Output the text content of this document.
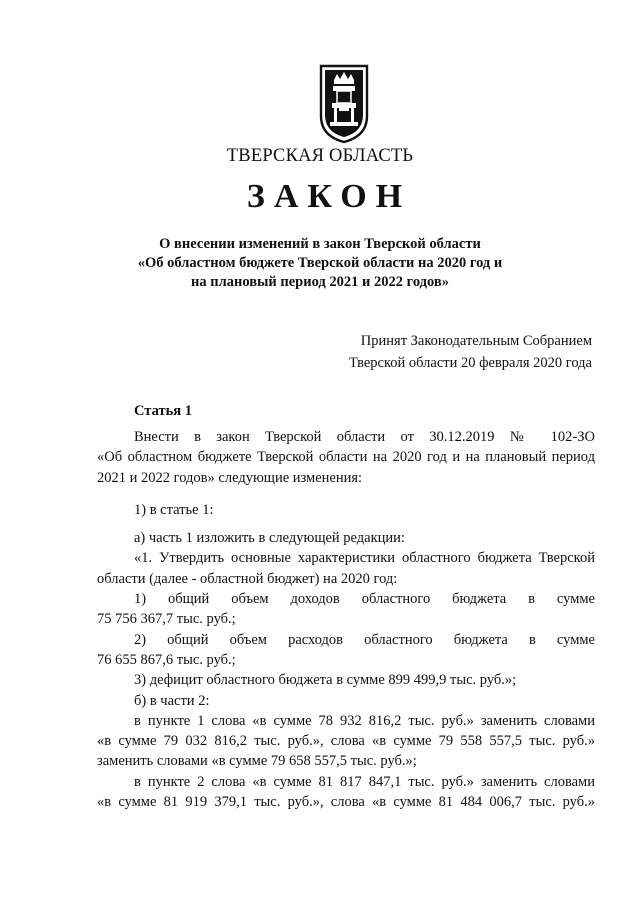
ТВЕРСКАЯ ОБЛАСТЬ
ЗАКОН
О внесении изменений в закон Тверской области
«Об областном бюджете Тверской области на 2020 год и
на плановый период 2021 и 2022 годов»
Принят Законодательным Собранием
Тверской области 20 февраля 2020 года
Статья 1
Внести в закон Тверской области от 30.12.2019 № 102-ЗО
«Об областном бюджете Тверской области на 2020 год и на плановый период
2021 и 2022 годов» следующие изменения:
1) в статье 1:
а) часть 1 изложить в следующей редакции:
«1. Утвердить основные характеристики областного бюджета Тверской
области (далее - областной бюджет) на 2020 год:
1) общий объем доходов областного бюджета в сумме
75 756 367,7 тыс. руб.;
2) общий объем расходов областного бюджета в сумме
76 655 867,6 тыс. руб.;
3) дефицит областного бюджета в сумме 899 499,9 тыс. руб.»;
б) в части 2:
в пункте 1 слова «в сумме 78 932 816,2 тыс. руб.» заменить словами
«в сумме 79 032 816,2 тыс. руб.», слова «в сумме 79 558 557,5 тыс. руб.»
заменить словами «в сумме 79 658 557,5 тыс. руб.»;
в пункте 2 слова «в сумме 81 817 847,1 тыс. руб.» заменить словами
«в сумме 81 919 379,1 тыс. руб.», слова «в сумме 81 484 006,7 тыс. руб.»
